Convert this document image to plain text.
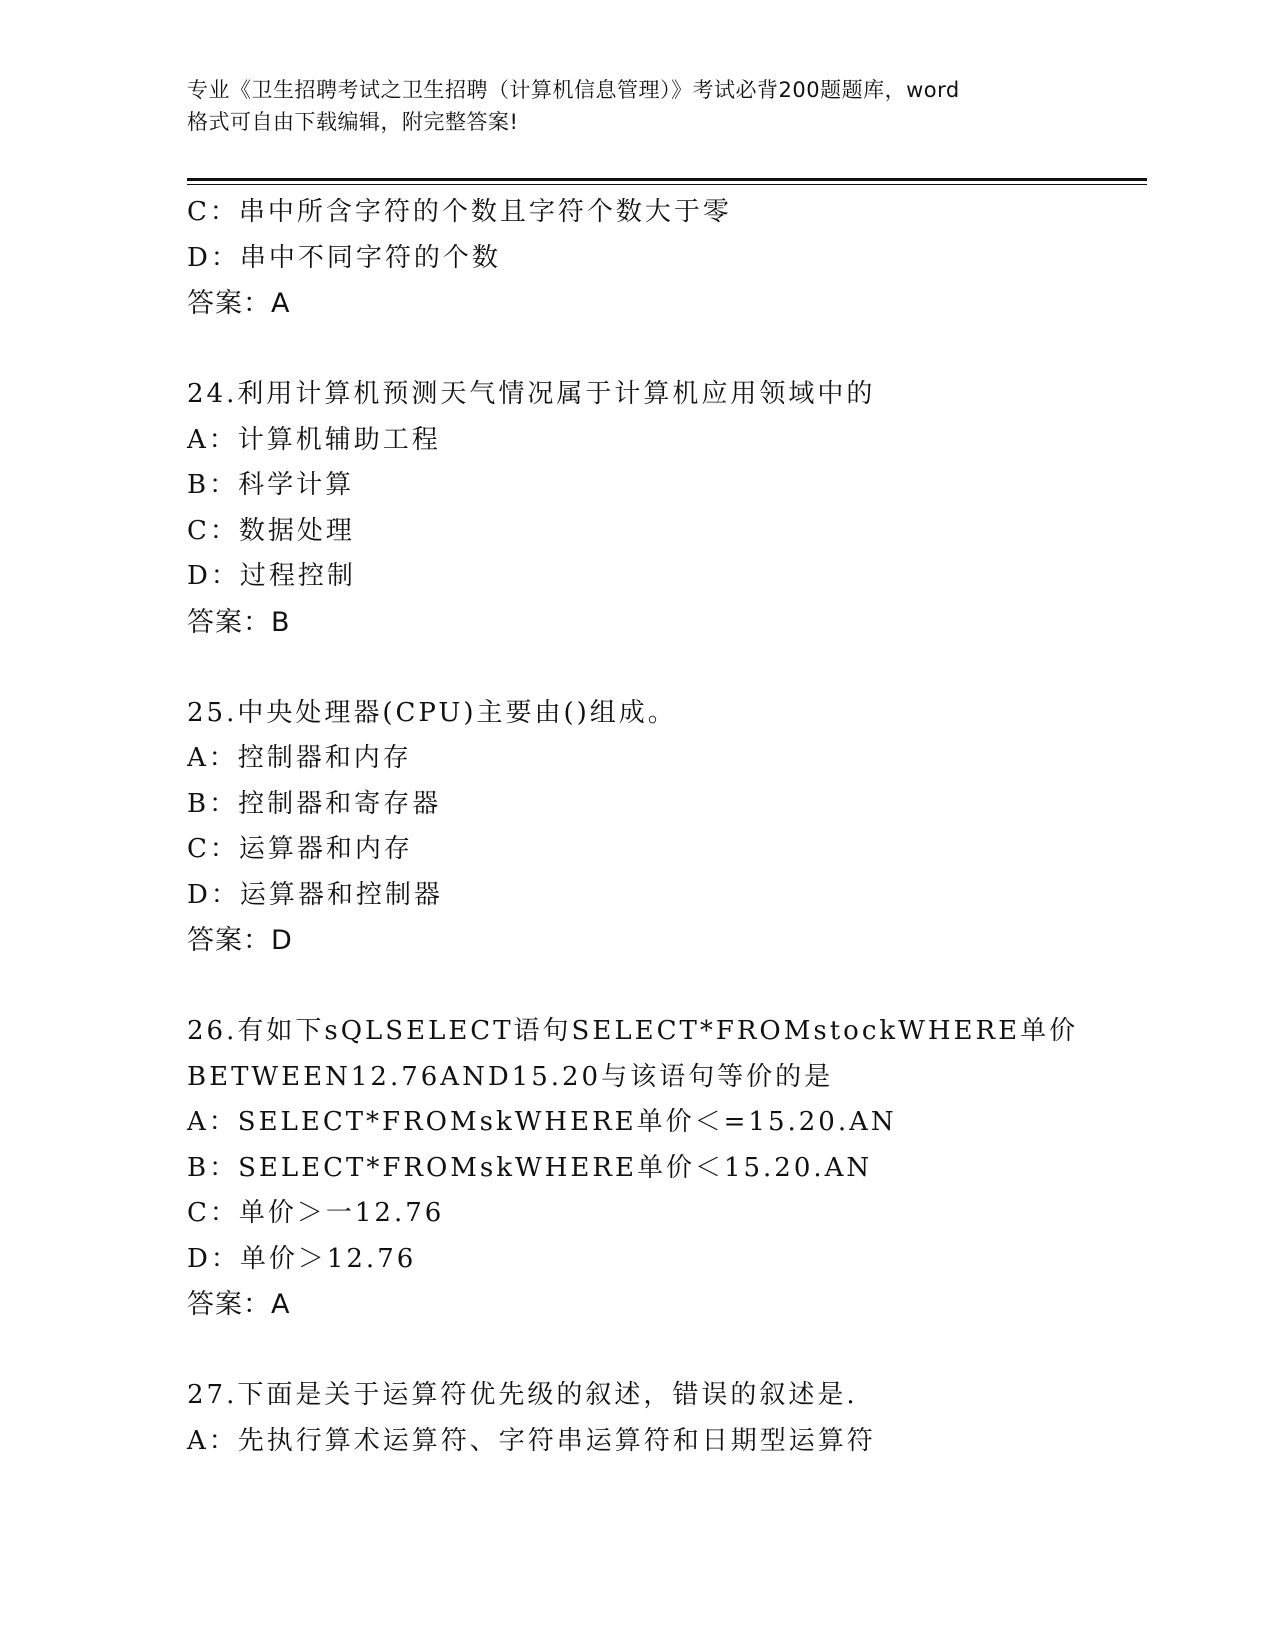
专业《卫生招聘考试之卫生招聘（计算机信息管理）》考试必背200题题库，word
格式可自由下载编辑，附完整答案!
C：串中所含字符的个数且字符个数大于零
D：串中不同字符的个数
答案：A
24.利用计算机预测天气情况属于计算机应用领域中的
A：计算机辅助工程
B：科学计算
C：数据处理
D：过程控制
答案：B
25.中央处理器(CPU)主要由()组成。
A：控制器和内存
B：控制器和寄存器
C：运算器和内存
D：运算器和控制器
答案：D
26.有如下sQLSELECT语句SELECT*FROMstockWHERE单价
BETWEEN12.76AND15.20与该语句等价的是
A：SELECT*FROMskWHERE单价＜=15.20.AN
B：SELECT*FROMskWHERE单价＜15.20.AN
C：单价＞一12.76
D：单价＞12.76
答案：A
27.下面是关于运算符优先级的叙述，错误的叙述是.
A：先执行算术运算符、字符串运算符和日期型运算符
